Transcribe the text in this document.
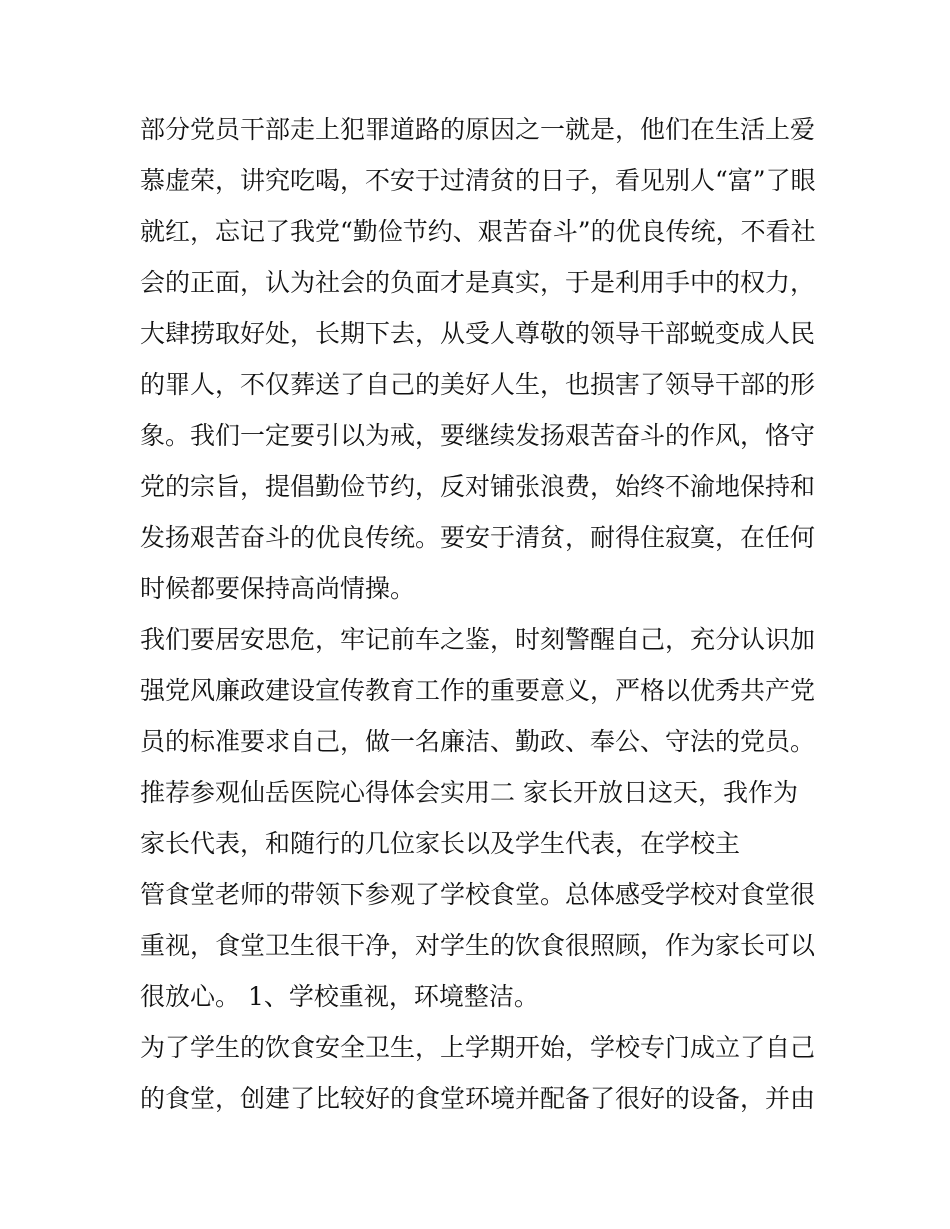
部分党员干部走上犯罪道路的原因之一就是，他们在生活上爱
慕虚荣，讲究吃喝，不安于过清贫的日子，看见别人“富”了眼
就红，忘记了我党“勤俭节约、艰苦奋斗”的优良传统，不看社
会的正面，认为社会的负面才是真实，于是利用手中的权力，
大肆捞取好处，长期下去，从受人尊敬的领导干部蜕变成人民
的罪人，不仅葬送了自己的美好人生，也损害了领导干部的形
象。我们一定要引以为戒，要继续发扬艰苦奋斗的作风，恪守
党的宗旨，提倡勤俭节约，反对铺张浪费，始终不渝地保持和
发扬艰苦奋斗的优良传统。要安于清贫，耐得住寂寞，在任何
时候都要保持高尚情操。
我们要居安思危，牢记前车之鉴，时刻警醒自己，充分认识加
强党风廉政建设宣传教育工作的重要意义，严格以优秀共产党
员的标准要求自己，做一名廉洁、勤政、奉公、守法的党员。
推荐参观仙岳医院心得体会实用二 家长开放日这天，我作为
家长代表，和随行的几位家长以及学生代表，在学校主
管食堂老师的带领下参观了学校食堂。总体感受学校对食堂很
重视，食堂卫生很干净，对学生的饮食很照顾，作为家长可以
很放心。 1、学校重视，环境整洁。
为了学生的饮食安全卫生，上学期开始，学校专门成立了自己
的食堂，创建了比较好的食堂环境并配备了很好的设备，并由
